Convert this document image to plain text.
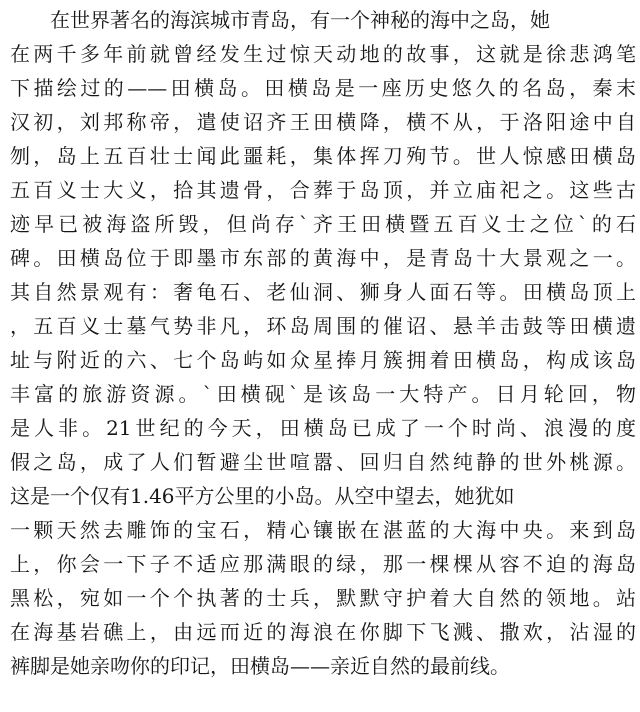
　　在世界著名的海滨城市青岛，有一个神秘的海中之岛，她
在两千多年前就曾经发生过惊天动地的故事，这就是徐悲鸿笔
下描绘过的——田横岛。田横岛是一座历史悠久的名岛，秦末
汉初，刘邦称帝，遣使诏齐王田横降，横不从，于洛阳途中自
刎，岛上五百壮士闻此噩耗，集体挥刀殉节。世人惊感田横岛
五百义士大义，拾其遗骨，合葬于岛顶，并立庙祀之。这些古
迹早已被海盗所毁，但尚存`齐王田横暨五百义士之位`的石
碑。田横岛位于即墨市东部的黄海中，是青岛十大景观之一。
其自然景观有：奢龟石、老仙洞、狮身人面石等。田横岛顶上
，五百义士墓气势非凡，环岛周围的催诏、悬羊击鼓等田横遗
址与附近的六、七个岛屿如众星捧月簇拥着田横岛，构成该岛
丰富的旅游资源。`田横砚`是该岛一大特产。日月轮回，物
是人非。21世纪的今天，田横岛已成了一个时尚、浪漫的度
假之岛，成了人们暂避尘世喧嚣、回归自然纯静的世外桃源。
这是一个仅有1.46平方公里的小岛。从空中望去，她犹如
一颗天然去雕饰的宝石，精心镶嵌在湛蓝的大海中央。来到岛
上，你会一下子不适应那满眼的绿，那一棵棵从容不迫的海岛
黑松，宛如一个个执著的士兵，默默守护着大自然的领地。站
在海基岩礁上，由远而近的海浪在你脚下飞溅、撒欢，沾湿的
裤脚是她亲吻你的印记，田横岛——亲近自然的最前线。
